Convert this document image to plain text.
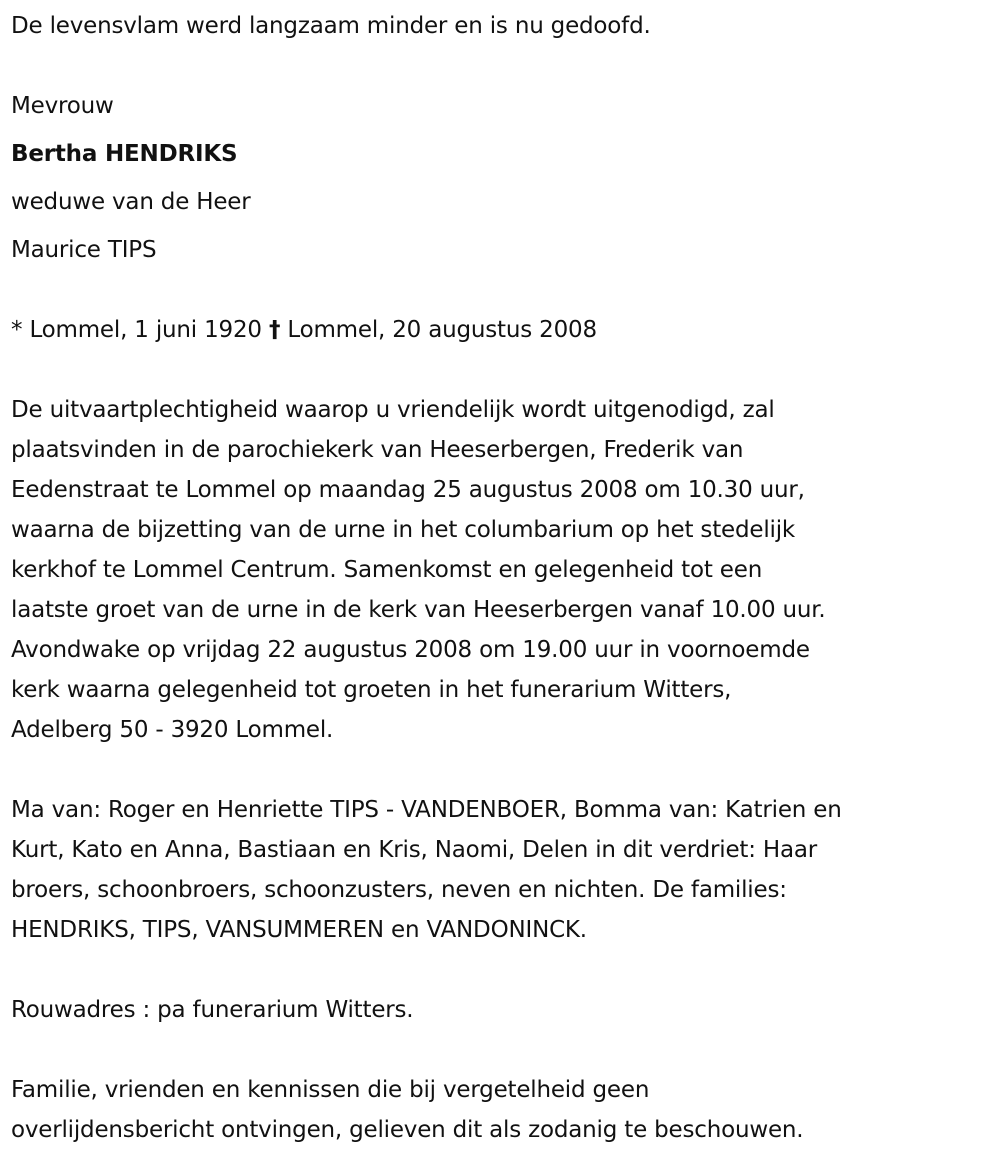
De levensvlam werd langzaam minder en is nu gedoofd.
Mevrouw
Bertha HENDRIKS
weduwe van de Heer
Maurice TIPS
* Lommel, 1 juni 1920 † Lommel, 20 augustus 2008
De uitvaartplechtigheid waarop u vriendelijk wordt uitgenodigd, zal
plaatsvinden in de parochiekerk van Heeserbergen, Frederik van
Eedenstraat te Lommel op maandag 25 augustus 2008 om 10.30 uur,
waarna de bijzetting van de urne in het columbarium op het stedelijk
kerkhof te Lommel Centrum. Samenkomst en gelegenheid tot een
laatste groet van de urne in de kerk van Heeserbergen vanaf 10.00 uur.
Avondwake op vrijdag 22 augustus 2008 om 19.00 uur in voornoemde
kerk waarna gelegenheid tot groeten in het funerarium Witters,
Adelberg 50 - 3920 Lommel.
Ma van: Roger en Henriette TIPS - VANDENBOER, Bomma van: Katrien en
Kurt, Kato en Anna, Bastiaan en Kris, Naomi, Delen in dit verdriet: Haar
broers, schoonbroers, schoonzusters, neven en nichten. De families:
HENDRIKS, TIPS, VANSUMMEREN en VANDONINCK.
Rouwadres : pa funerarium Witters.
Familie, vrienden en kennissen die bij vergetelheid geen
overlijdensbericht ontvingen, gelieven dit als zodanig te beschouwen.
